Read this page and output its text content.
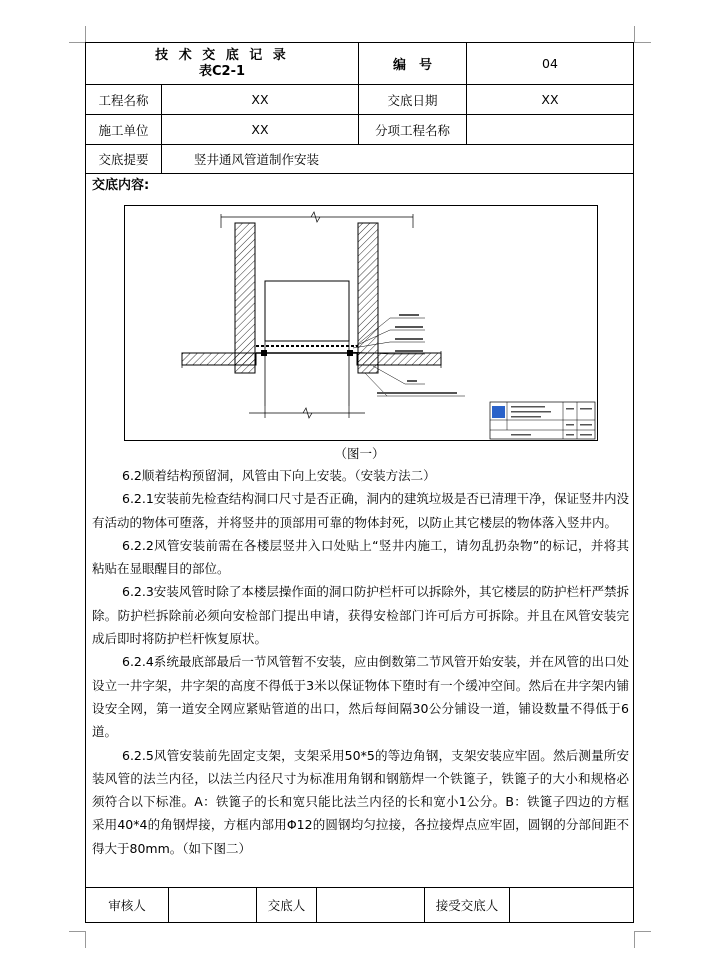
技 术 交 底 记 录
表C2-1	编　号	04
工程名称	XX	交底日期	XX
施工单位	XX	分项工程名称
交底提要	竖井通风管道制作安装
交底内容:
（图一）

6.2顺着结构预留洞，风管由下向上安装。（安装方法二）

6.2.1安装前先检查结构洞口尺寸是否正确，洞内的建筑垃圾是否已清理干净，保证竖井内没有活动的物体可堕落，并将竖井的顶部用可靠的物体封死，以防止其它楼层的物体落入竖井内。

6.2.2风管安装前需在各楼层竖井入口处贴上“竖井内施工，请勿乱扔杂物”的标记，并将其粘贴在显眼醒目的部位。

6.2.3安装风管时除了本楼层操作面的洞口防护栏杆可以拆除外，其它楼层的防护栏杆严禁拆除。防护栏拆除前必须向安检部门提出申请，获得安检部门许可后方可拆除。并且在风管安装完成后即时将防护栏杆恢复原状。

6.2.4系统最底部最后一节风管暂不安装，应由倒数第二节风管开始安装，并在风管的出口处设立一井字架，井字架的高度不得低于3米以保证物体下堕时有一个缓冲空间。然后在井字架内铺设安全网，第一道安全网应紧贴管道的出口，然后每间隔30公分铺设一道，铺设数量不得低于6道。

6.2.5风管安装前先固定支架，支架采用50*5的等边角钢，支架安装应牢固。然后测量所安装风管的法兰内径，以法兰内径尺寸为标准用角钢和钢筋焊一个铁篦子，铁篦子的大小和规格必须符合以下标准。A：铁篦子的长和宽只能比法兰内径的长和宽小1公分。B：铁篦子四边的方框采用40*4的角钢焊接，方框内部用Φ12的圆钢均匀拉接，各拉接焊点应牢固，圆钢的分部间距不得大于80mm。（如下图二）

审核人	交底人	接受交底人
